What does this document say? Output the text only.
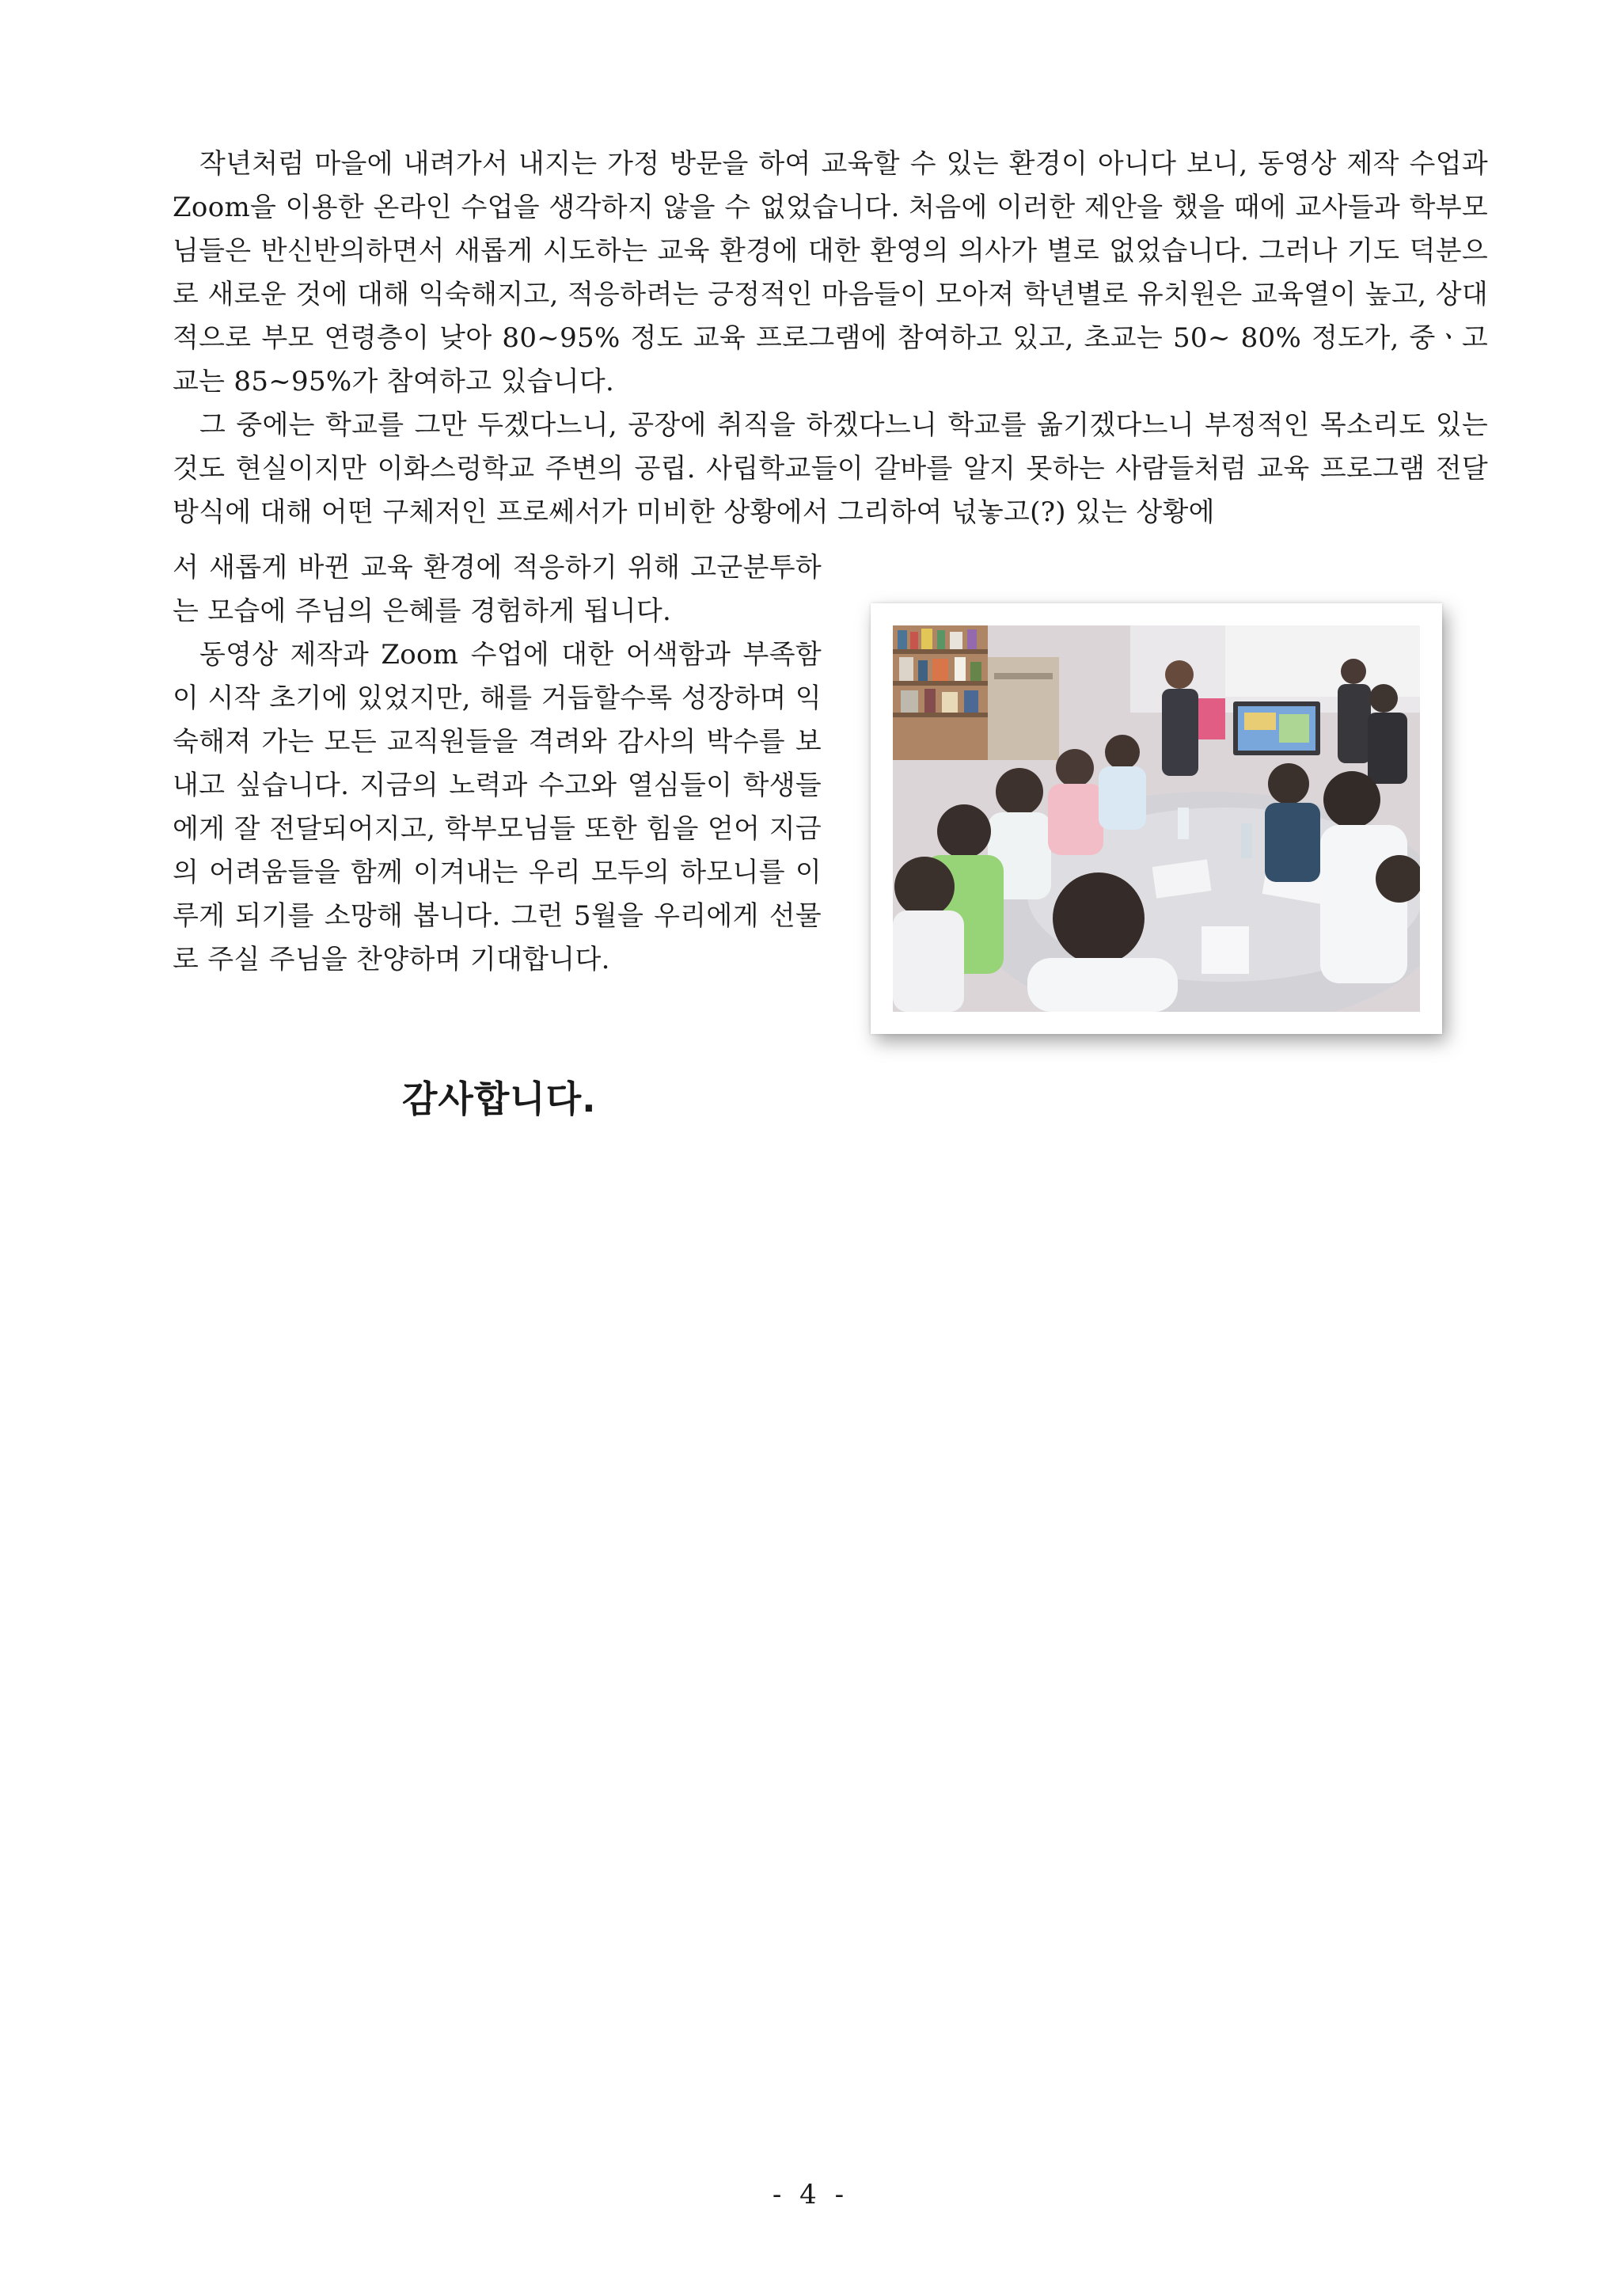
작년처럼 마을에 내려가서 내지는 가정 방문을 하여 교육할 수 있는 환경이 아니다 보니, 동영상 제작 수업과 Zoom을 이용한 온라인 수업을 생각하지 않을 수 없었습니다. 처음에 이러한 제안을 했을 때에 교사들과 학부모님들은 반신반의하면서 새롭게 시도하는 교육 환경에 대한 환영의 의사가 별로 없었습니다. 그러나 기도 덕분으로 새로운 것에 대해 익숙해지고, 적응하려는 긍정적인 마음들이 모아져 학년별로 유치원은 교육열이 높고, 상대적으로 부모 연령층이 낮아 80~95% 정도 교육 프로그램에 참여하고 있고, 초교는 50~ 80% 정도가, 중ㆍ고교는 85~95%가 참여하고 있습니다.

그 중에는 학교를 그만 두겠다느니, 공장에 취직을 하겠다느니 학교를 옮기겠다느니 부정적인 목소리도 있는 것도 현실이지만 이화스렁학교 주변의 공립. 사립학교들이 갈바를 알지 못하는 사람들처럼 교육 프로그램 전달 방식에 대해 어떤 구체저인 프로쎄서가 미비한 상황에서 그리하여 넋놓고(?) 있는 상황에

서 새롭게 바뀐 교육 환경에 적응하기 위해 고군분투하는 모습에 주님의 은혜를 경험하게 됩니다.

동영상 제작과 Zoom 수업에 대한 어색함과 부족함이 시작 초기에 있었지만, 해를 거듭할수록 성장하며 익숙해져 가는 모든 교직원들을 격려와 감사의 박수를 보내고 싶습니다. 지금의 노력과 수고와 열심들이 학생들에게 잘 전달되어지고, 학부모님들 또한 힘을 얻어 지금의 어려움들을 함께 이겨내는 우리 모두의 하모니를 이루게 되기를 소망해 봅니다. 그런 5월을 우리에게 선물로 주실 주님을 찬양하며 기대합니다.

감사합니다.
- 4 -
